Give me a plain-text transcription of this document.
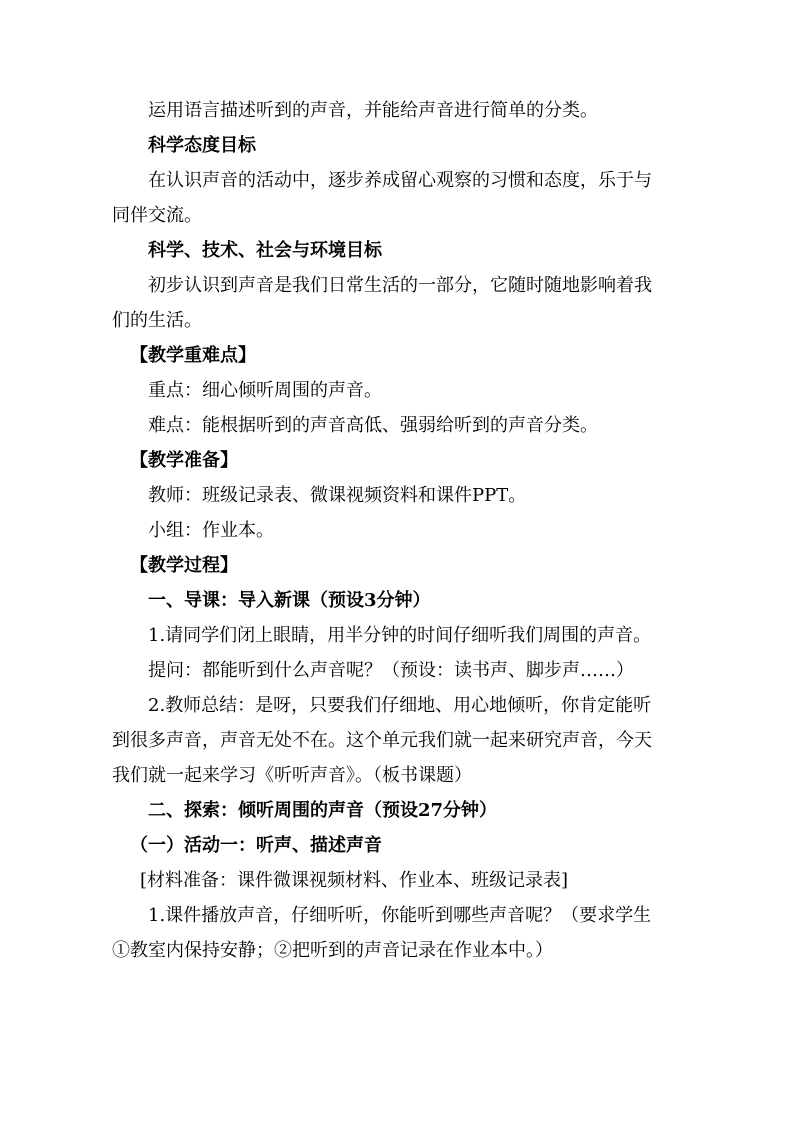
运用语言描述听到的声音，并能给声音进行简单的分类。

科学态度目标

在认识声音的活动中，逐步养成留心观察的习惯和态度，乐于与

同伴交流。

科学、技术、社会与环境目标

初步认识到声音是我们日常生活的一部分，它随时随地影响着我

们的生活。

【教学重难点】

重点：细心倾听周围的声音。

难点：能根据听到的声音高低、强弱给听到的声音分类。

【教学准备】

教师：班级记录表、微课视频资料和课件PPT。

小组：作业本。

【教学过程】

一、导课：导入新课（预设3分钟）

1.请同学们闭上眼睛，用半分钟的时间仔细听我们周围的声音。

提问：都能听到什么声音呢？（预设：读书声、脚步声……）

2.教师总结：是呀，只要我们仔细地、用心地倾听，你肯定能听

到很多声音，声音无处不在。这个单元我们就一起来研究声音，今天

我们就一起来学习《听听声音》。（板书课题）

二、探索：倾听周围的声音（预设27分钟）

（一）活动一：听声、描述声音

[材料准备：课件微课视频材料、作业本、班级记录表]

1.课件播放声音，仔细听听，你能听到哪些声音呢？（要求学生

①教室内保持安静；②把听到的声音记录在作业本中。）
